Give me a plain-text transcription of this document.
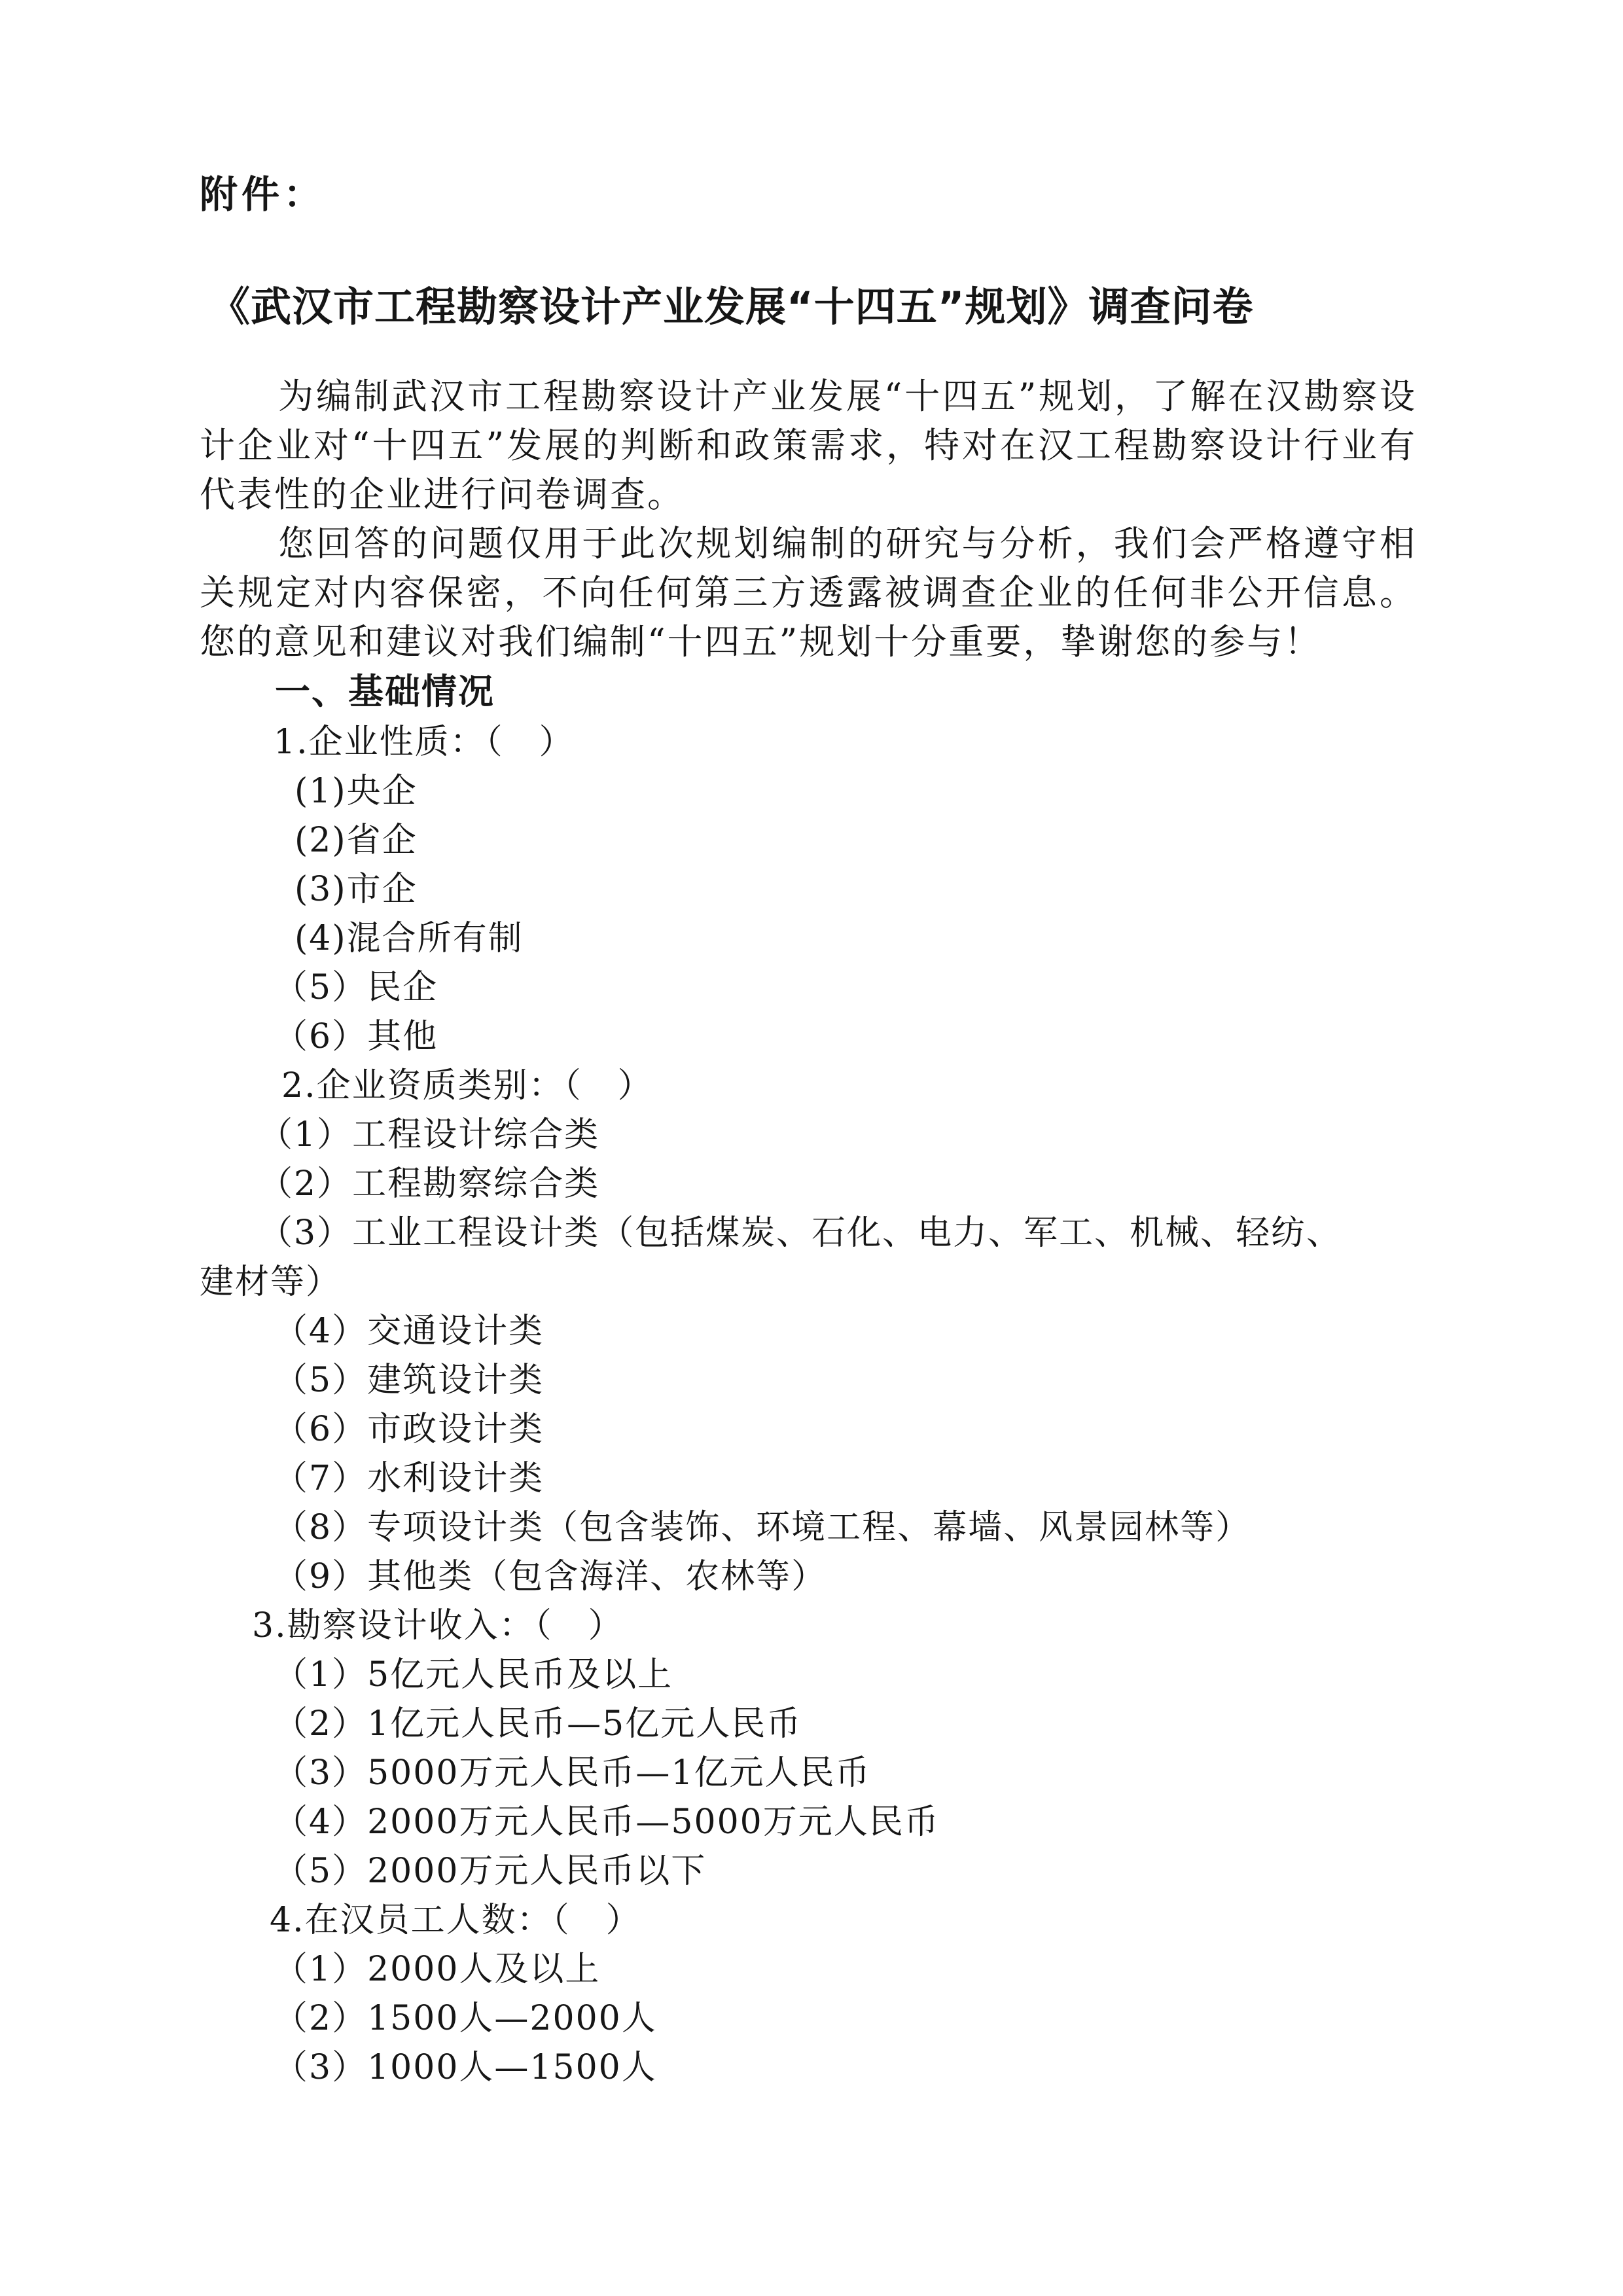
附件：
《武汉市工程勘察设计产业发展“十四五”规划》调查问卷

为编制武汉市工程勘察设计产业发展“十四五”规划，了解在汉勘察设计企业对“十四五”发展的判断和政策需求，特对在汉工程勘察设计行业有代表性的企业进行问卷调查。

您回答的问题仅用于此次规划编制的研究与分析，我们会严格遵守相关规定对内容保密，不向任何第三方透露被调查企业的任何非公开信息。您的意见和建议对我们编制“十四五”规划十分重要，挚谢您的参与！

一、基础情况
1.企业性质：（　）
(1)央企
(2)省企
(3)市企
(4)混合所有制
（5）民企
（6）其他
2.企业资质类别：（　）
（1）工程设计综合类
（2）工程勘察综合类
（3）工业工程设计类（包括煤炭、石化、电力、军工、机械、轻纺、
建材等）
（4）交通设计类
（5）建筑设计类
（6）市政设计类
（7）水利设计类
（8）专项设计类（包含装饰、环境工程、幕墙、风景园林等）
（9）其他类（包含海洋、农林等）
3.勘察设计收入：（　）
（1）5亿元人民币及以上
（2）1亿元人民币—5亿元人民币
（3）5000万元人民币—1亿元人民币
（4）2000万元人民币—5000万元人民币
（5）2000万元人民币以下
4.在汉员工人数：（　）
（1）2000人及以上
（2）1500人—2000人
（3）1000人—1500人
